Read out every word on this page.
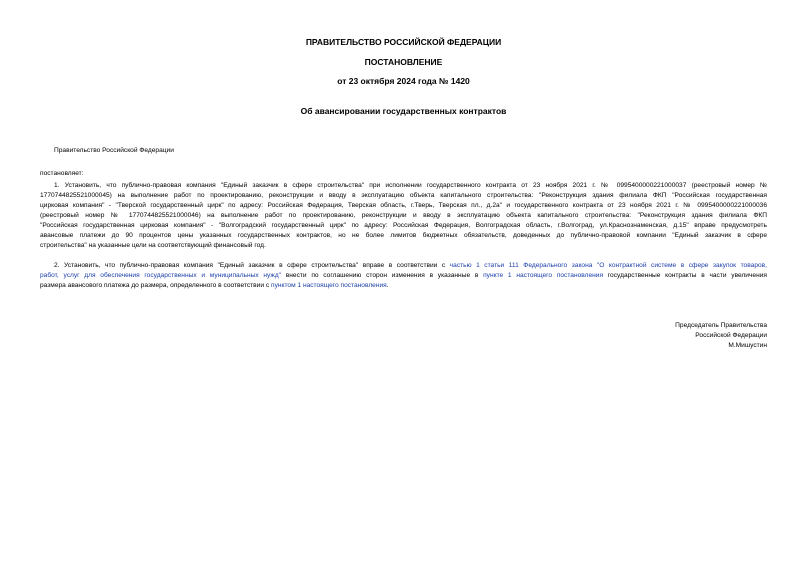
ПРАВИТЕЛЬСТВО РОССИЙСКОЙ ФЕДЕРАЦИИ
ПОСТАНОВЛЕНИЕ
от 23 октября 2024 года № 1420
Об авансировании государственных контрактов
Правительство Российской Федерации
постановляет:
1. Установить, что публично-правовая компания "Единый заказчик в сфере строительства" при исполнении государственного контракта от 23 ноября 2021 г. № 0995400000221000037 (реестровый номер №
1770744825521000045) на выполнение работ по проектированию, реконструкции и вводу в эксплуатацию объекта капитального строительства: "Реконструкция здания филиала ФКП "Российская государственная
цирковая компания" - "Тверской государственный цирк" по адресу: Российская Федерация, Тверская область, г.Тверь, Тверская пл., д.2а" и государственного контракта от 23 ноября 2021 г. № 0995400000221000036
(реестровый номер № 1770744825521000046) на выполнение работ по проектированию, реконструкции и вводу в эксплуатацию объекта капитального строительства: "Реконструкция здания филиала ФКП
"Российская государственная цирковая компания" - "Волгоградский государственный цирк" по адресу: Российская Федерация, Волгоградская область, г.Волгоград, ул.Краснознаменская, д.15" вправе предусмотреть
авансовые платежи до 90 процентов цены указанных государственных контрактов, но не более лимитов бюджетных обязательств, доведенных до публично-правовой компании "Единый заказчик в сфере
строительства" на указанные цели на соответствующий финансовый год.
2. Установить, что публично-правовая компания "Единый заказчик в сфере строительства" вправе в соответствии с частью 1 статьи 111 Федерального закона "О контрактной системе в сфере закупок товаров,
работ, услуг для обеспечения государственных и муниципальных нужд" внести по соглашению сторон изменения в указанные в пункте 1 настоящего постановления государственные контракты в части увеличения
размера авансового платежа до размера, определенного в соответствии с пунктом 1 настоящего постановления.
Председатель Правительства
Российской Федерации
М.Мишустин
